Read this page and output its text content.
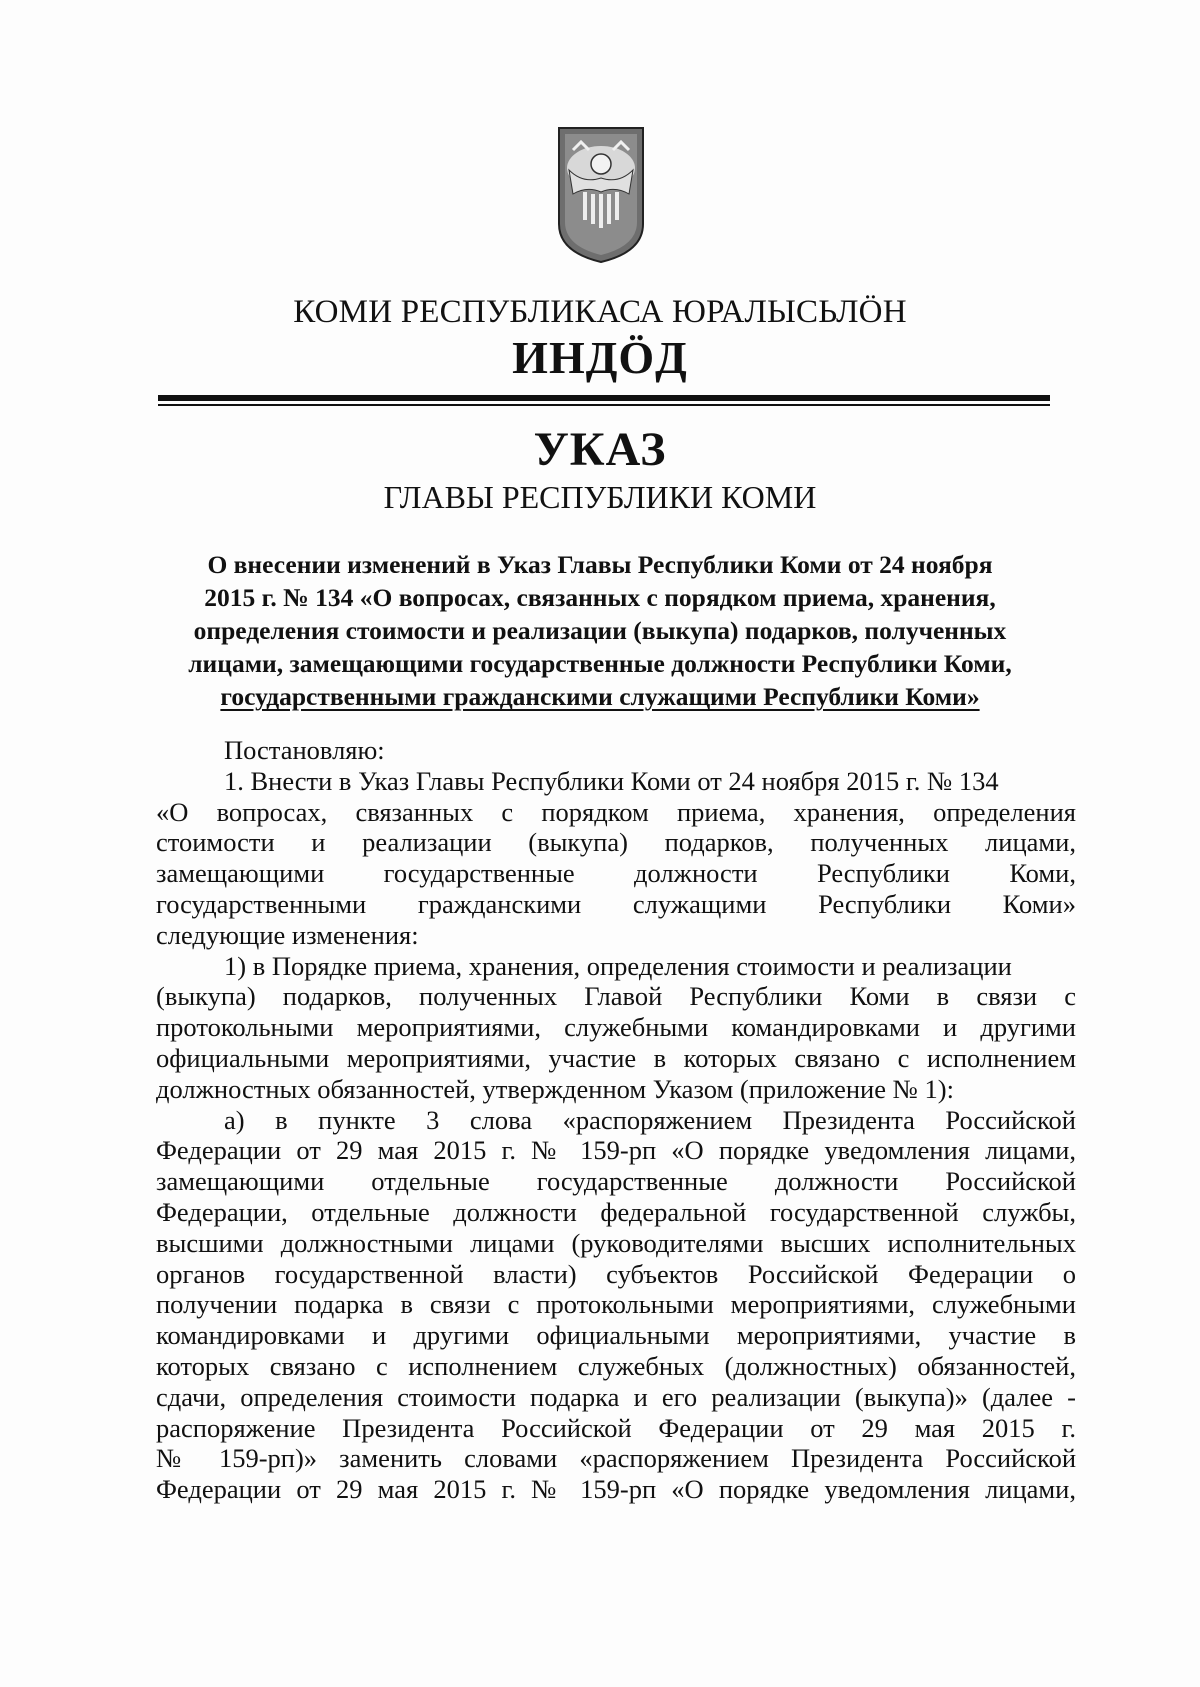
КОМИ РЕСПУБЛИКАСА ЮРАЛЫСЬЛӦН
ИНДӦД
УКАЗ
ГЛАВЫ РЕСПУБЛИКИ КОМИ
О внесении изменений в Указ Главы Республики Коми от 24 ноября
2015 г. № 134 «О вопросах, связанных с порядком приема, хранения,
определения стоимости и реализации (выкупа) подарков, полученных
лицами, замещающими государственные должности Республики Коми,
государственными гражданскими служащими Республики Коми»
Постановляю:
1. Внести в Указ Главы Республики Коми от 24 ноября 2015 г. № 134
«О вопросах, связанных с порядком приема, хранения, определения
стоимости и реализации (выкупа) подарков, полученных лицами,
замещающими государственные должности Республики Коми,
государственными гражданскими служащими Республики Коми»
следующие изменения:
1) в Порядке приема, хранения, определения стоимости и реализации
(выкупа) подарков, полученных Главой Республики Коми в связи с
протокольными мероприятиями, служебными командировками и другими
официальными мероприятиями, участие в которых связано с исполнением
должностных обязанностей, утвержденном Указом (приложение № 1):
а) в пункте 3 слова «распоряжением Президента Российской
Федерации от 29 мая 2015 г. № 159-рп «О порядке уведомления лицами,
замещающими отдельные государственные должности Российской
Федерации, отдельные должности федеральной государственной службы,
высшими должностными лицами (руководителями высших исполнительных
органов государственной власти) субъектов Российской Федерации о
получении подарка в связи с протокольными мероприятиями, служебными
командировками и другими официальными мероприятиями, участие в
которых связано с исполнением служебных (должностных) обязанностей,
сдачи, определения стоимости подарка и его реализации (выкупа)» (далее -
распоряжение Президента Российской Федерации от 29 мая 2015 г.
№ 159-рп)» заменить словами «распоряжением Президента Российской
Федерации от 29 мая 2015 г. № 159-рп «О порядке уведомления лицами,
